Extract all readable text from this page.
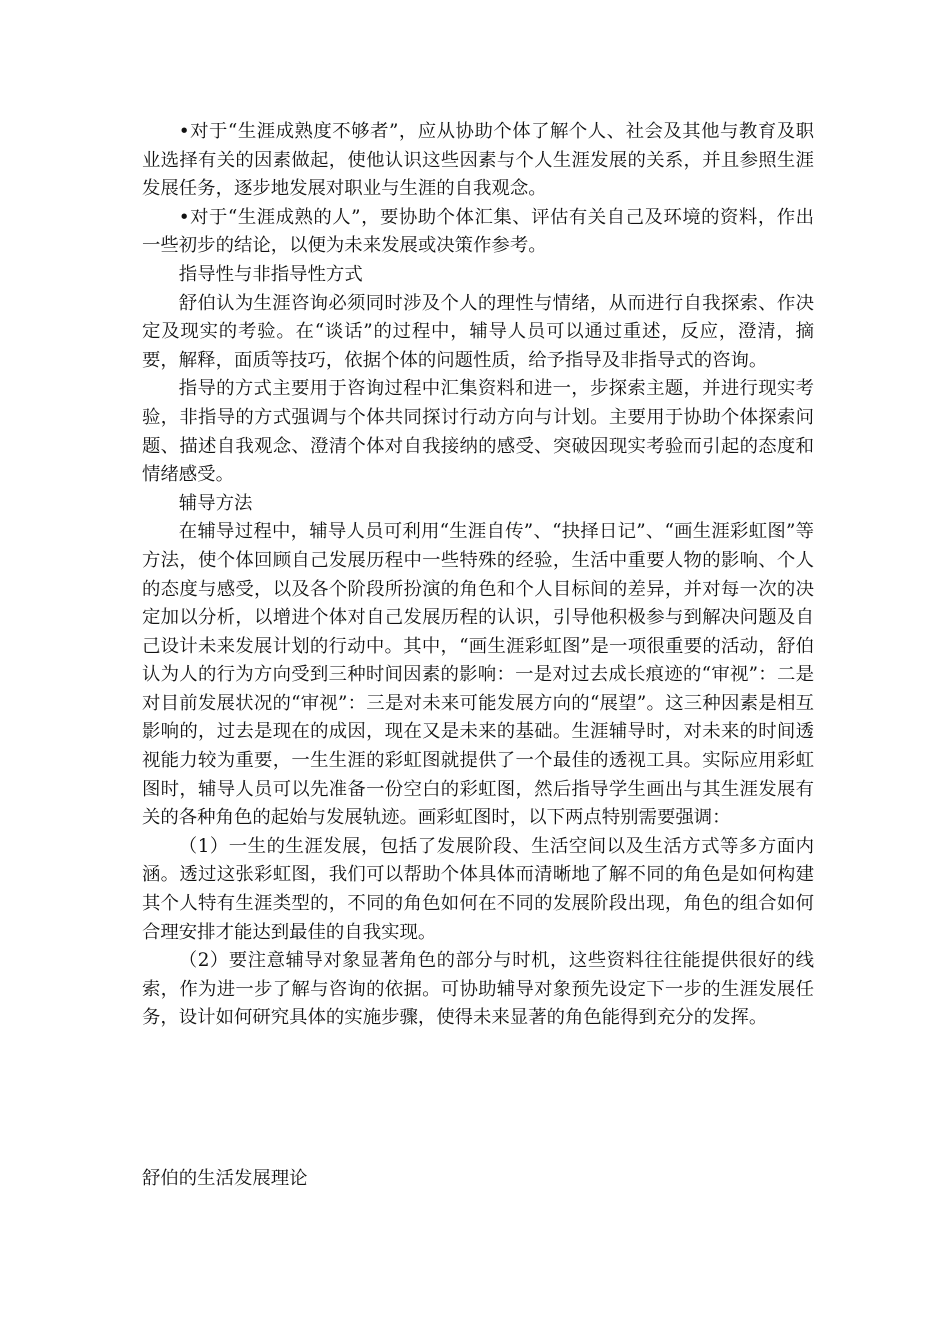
•对于“生涯成熟度不够者”，应从协助个体了解个人、社会及其他与教育及职业选择有关的因素做起，使他认识这些因素与个人生涯发展的关系，并且参照生涯发展任务，逐步地发展对职业与生涯的自我观念。

•对于“生涯成熟的人”，要协助个体汇集、评估有关自己及环境的资料，作出一些初步的结论，以便为未来发展或决策作参考。

指导性与非指导性方式

舒伯认为生涯咨询必须同时涉及个人的理性与情绪，从而进行自我探索、作决定及现实的考验。在“谈话”的过程中，辅导人员可以通过重述，反应，澄清，摘要，解释，面质等技巧，依据个体的问题性质，给予指导及非指导式的咨询。

指导的方式主要用于咨询过程中汇集资料和进一，步探索主题，并进行现实考验，非指导的方式强调与个体共同探讨行动方向与计划。主要用于协助个体探索问题、描述自我观念、澄清个体对自我接纳的感受、突破因现实考验而引起的态度和情绪感受。

辅导方法

在辅导过程中，辅导人员可利用“生涯自传”、“抉择日记”、“画生涯彩虹图”等方法，使个体回顾自己发展历程中一些特殊的经验，生活中重要人物的影响、个人的态度与感受，以及各个阶段所扮演的角色和个人目标间的差异，并对每一次的决定加以分析，以增进个体对自己发展历程的认识，引导他积极参与到解决问题及自己设计未来发展计划的行动中。其中，“画生涯彩虹图”是一项很重要的活动，舒伯认为人的行为方向受到三种时间因素的影响：一是对过去成长痕迹的“审视”：二是对目前发展状况的“审视”：三是对未来可能发展方向的“展望”。这三种因素是相互影响的，过去是现在的成因，现在又是未来的基础。生涯辅导时，对未来的时间透视能力较为重要，一生生涯的彩虹图就提供了一个最佳的透视工具。实际应用彩虹图时，辅导人员可以先准备一份空白的彩虹图，然后指导学生画出与其生涯发展有关的各种角色的起始与发展轨迹。画彩虹图时，以下两点特别需要强调：

（1）一生的生涯发展，包括了发展阶段、生活空间以及生活方式等多方面内涵。透过这张彩虹图，我们可以帮助个体具体而清晰地了解不同的角色是如何构建其个人特有生涯类型的，不同的角色如何在不同的发展阶段出现，角色的组合如何合理安排才能达到最佳的自我实现。

（2）要注意辅导对象显著角色的部分与时机，这些资料往往能提供很好的线索，作为进一步了解与咨询的依据。可协助辅导对象预先设定下一步的生涯发展任务，设计如何研究具体的实施步骤，使得未来显著的角色能得到充分的发挥。

舒伯的生活发展理论
